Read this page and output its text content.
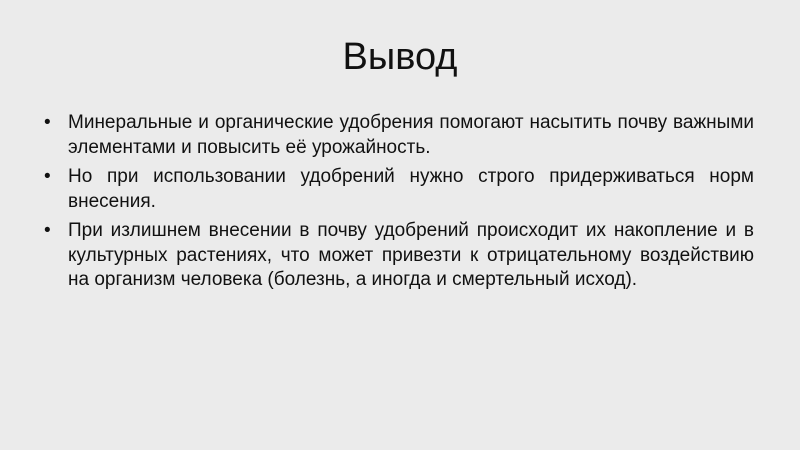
Вывод
• Минеральные и органические удобрения помогают насытить почву важными элементами и повысить её урожайность.
• Но при использовании удобрений нужно строго придерживаться норм внесения.
• При излишнем внесении в почву удобрений происходит их накопление и в культурных растениях, что может привезти к отрицательному воздействию на организм человека (болезнь, а иногда и смертельный исход).
